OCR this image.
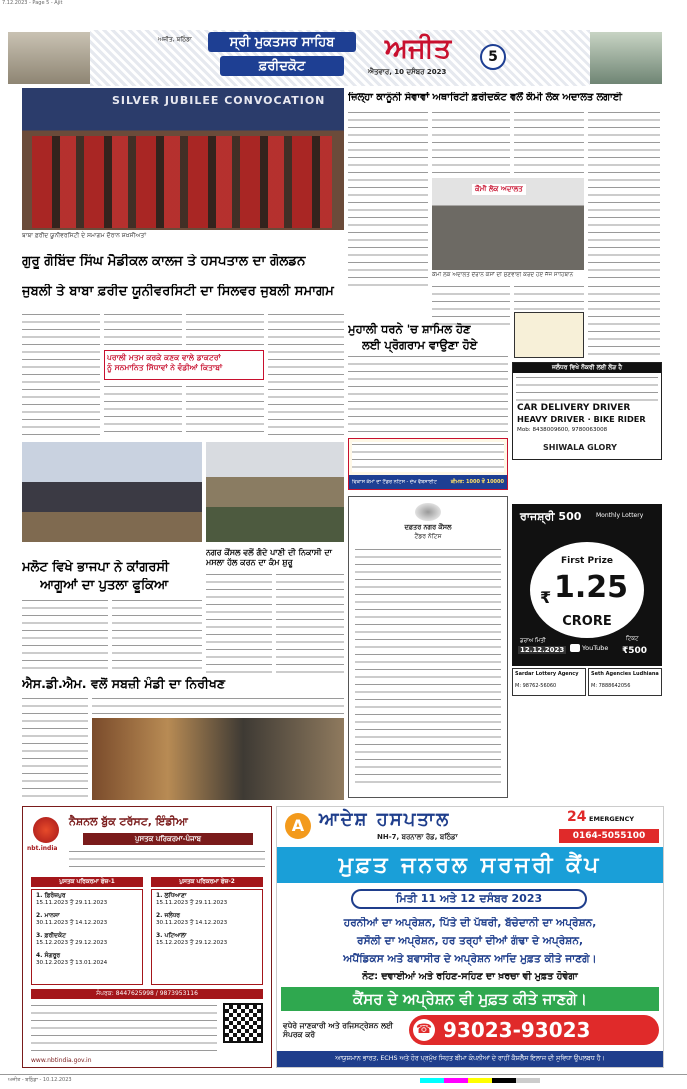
7.12.2023 - Page 5 - Ajit
ਅਜੀਤ, ਬਠਿੰਡਾ	ਸ੍ਰੀ ਮੁਕਤਸਰ ਸਾਹਿਬ
ਫ਼ਰੀਦਕੋਟ
ਅਜੀਤ
ਐਤਵਾਰ, 10 ਦਸੰਬਰ 2023
5
SILVER JUBILEE CONVOCATION
ਬਾਬਾ ਫ਼ਰੀਦ ਯੂਨੀਵਰਸਿਟੀ ਦੇ ਸਮਾਗਮ ਦੌਰਾਨ ਸ਼ਖ਼ਸੀਅਤਾਂ
ਗੁਰੂ ਗੋਬਿੰਦ ਸਿੰਘ ਮੈਡੀਕਲ ਕਾਲਜ ਤੇ ਹਸਪਤਾਲ ਦਾ ਗੋਲਡਨ
ਜੁਬਲੀ ਤੇ ਬਾਬਾ ਫ਼ਰੀਦ ਯੂਨੀਵਰਸਿਟੀ ਦਾ ਸਿਲਵਰ ਜੁਬਲੀ ਸਮਾਗਮ
ਪਰਾਲੀ ਮਤਮ ਕਰਕੇ ਕਣਕ ਵਾਲੇ ਡਾਕਟਰਾਂ
ਨੂੰ ਸਨਮਾਨਿਤ ਸਿੱਧਾਵਾਂ ਨੇ ਵੰਡੀਆਂ ਕਿਤਾਬਾਂ
ਮਲੋਟ ਵਿਖੇ ਭਾਜਪਾ ਨੇ ਕਾਂਗਰਸੀ
ਆਗੂਆਂ ਦਾ ਪੁਤਲਾ ਫੂਕਿਆ
ਨਗਰ ਕੌਂਸਲ ਵਲੋਂ ਗੰਦੇ ਪਾਣੀ ਦੀ ਨਿਕਾਸੀ ਦਾ
ਮਸਲਾ ਹੱਲ ਕਰਨ ਦਾ ਕੰਮ ਸ਼ੁਰੂ
ਐਸ.ਡੀ.ਐਮ. ਵਲੋਂ ਸਬਜ਼ੀ ਮੰਡੀ ਦਾ ਨਿਰੀਖਣ
ਜ਼ਿਲ੍ਹਾ ਕਾਨੂੰਨੀ ਸੇਵਾਵਾਂ ਅਥਾਰਿਟੀ ਫ਼ਰੀਦਕੋਟ ਵਲੋਂ ਕੌਮੀ ਲੋਕ ਅਦਾਲਤ ਲਗਾਈ
ਕੌਮੀ ਲੋਕ ਅਦਾਲਤ
ਕੌਮੀ ਲੋਕ ਅਦਾਲਤ ਦੌਰਾਨ ਕੇਸਾਂ ਦੀ ਸੁਣਵਾਈ ਕਰਦੇ ਹੋਏ ਜੱਜ ਸਾਹਿਬਾਨ
ਮੁਹਾਲੀ ਧਰਨੇ 'ਚ ਸ਼ਾਮਿਲ ਹੋਣ
ਲਈ ਪ੍ਰੋਗਰਾਮ ਵਾਉਣਾ ਹੋਏ
ਜਲੰਧਰ ਵਿਖੇ ਨੌਕਰੀ ਲਈ ਲੋੜ ਹੈ
CAR DELIVERY DRIVER
HEAVY DRIVER · BIKE RIDER
Mob: 8438009600, 9780063008
SHIWALA GLORY
ਵਿਕਾਸ ਕੰਮਾਂ ਦਾ ਟੈਂਡਰ ਨੋਟਿਸ - ਦੇਖੋ ਵੈਬਸਾਈਟ	ਕੀਮਤ: 1000 ਤੋਂ 10000
ਦਫ਼ਤਰ ਨਗਰ ਕੌਂਸਲ
ਟੈਂਡਰ ਨੋਟਿਸ
ਰਾਜਸ਼੍ਰੀ 500 Monthly Lottery
First Prize
₹ 1.25
CRORE
ਡਰਾਅ ਮਿਤੀ
12.12.2023	YouTube
ਟਿਕਟ
₹500
Sardar Lottery Agency
M: 98762-56060
Seth Agencies Ludhiana
M: 7888642056
nbt.india
ਨੈਸ਼ਨਲ ਬੁੱਕ ਟਰੱਸਟ, ਇੰਡੀਆ
ਪੁਸਤਕ ਪਰਿਕਰਮਾ-ਪੰਜਾਬ
ਪੁਸਤਕ ਪਰਿਕਰਮਾ ਫੇਜ਼-1	ਪੁਸਤਕ ਪਰਿਕਰਮਾ ਫੇਜ਼-2
1. ਫ਼ਿਰੋਜ਼ਪੁਰ
15.11.2023 ਤੋਂ 29.11.2023
2. ਮਾਨਸਾ
30.11.2023 ਤੋਂ 14.12.2023
3. ਫ਼ਰੀਦਕੋਟ
15.12.2023 ਤੋਂ 29.12.2023
4. ਸੰਗਰੂਰ
30.12.2023 ਤੋਂ 13.01.2024
1. ਲੁਧਿਆਣਾ
15.11.2023 ਤੋਂ 29.11.2023
2. ਜਲੰਧਰ
30.11.2023 ਤੋਂ 14.12.2023
3. ਪਟਿਆਲਾ
15.12.2023 ਤੋਂ 29.12.2023
ਸੰਪਰਕ: 8447625998 / 9873953116
www.nbtindia.gov.in
A ਆਦੇਸ਼ ਹਸਪਤਾਲ
NH-7, ਬਰਨਾਲਾ ਰੋਡ, ਬਠਿੰਡਾ
24 EMERGENCY
0164-5055100
ਮੁਫ਼ਤ ਜਨਰਲ ਸਰਜਰੀ ਕੈਂਪ
ਮਿਤੀ 11 ਅਤੇ 12 ਦਸੰਬਰ 2023
ਹਰਨੀਆਂ ਦਾ ਅਪ੍ਰੇਸ਼ਨ, ਪਿੱਤੇ ਦੀ ਪੱਥਰੀ, ਬੱਚੇਦਾਨੀ ਦਾ ਅਪ੍ਰੇਸ਼ਨ,
ਰਸੌਲੀ ਦਾ ਅਪ੍ਰੇਸ਼ਨ, ਹਰ ਤਰ੍ਹਾਂ ਦੀਆਂ ਗੰਢਾ ਦੇ ਅਪ੍ਰੇਸ਼ਨ,
ਅਪੈਂਡਿਕਸ ਅਤੇ ਬਵਾਸੀਰ ਦੇ ਅਪ੍ਰੇਸ਼ਨ ਆਦਿ ਮੁਫ਼ਤ ਕੀਤੇ ਜਾਣਗੇ।
ਨੋਟ: ਦਵਾਈਆਂ ਅਤੇ ਰਹਿਣ-ਸਹਿਣ ਦਾ ਖ਼ਰਚਾ ਵੀ ਮੁਫ਼ਤ ਹੋਵੇਗਾ
ਕੈਂਸਰ ਦੇ ਅਪ੍ਰੇਸ਼ਨ ਵੀ ਮੁਫ਼ਤ ਕੀਤੇ ਜਾਣਗੇ।
ਵਧੇਰੇ ਜਾਣਕਾਰੀ ਅਤੇ ਰਜਿਸਟ੍ਰੇਸ਼ਨ ਲਈ ਸੰਪਰਕ ਕਰੋ	☎ 93023-93023
ਆਯੁਸ਼ਮਾਨ ਭਾਰਤ, ECHS ਅਤੇ ਹੋਰ ਪ੍ਰਮੁੱਖ ਸਿਹਤ ਬੀਮਾ ਕੰਪਨੀਆਂ ਦੇ ਰਾਹੀਂ ਕੈਸ਼ਲੈੱਸ ਇਲਾਜ ਦੀ ਸੁਵਿਧਾ ਉਪਲਬਧ ਹੈ।
ਅਜੀਤ - ਬਠਿੰਡਾ - 10.12.2023
